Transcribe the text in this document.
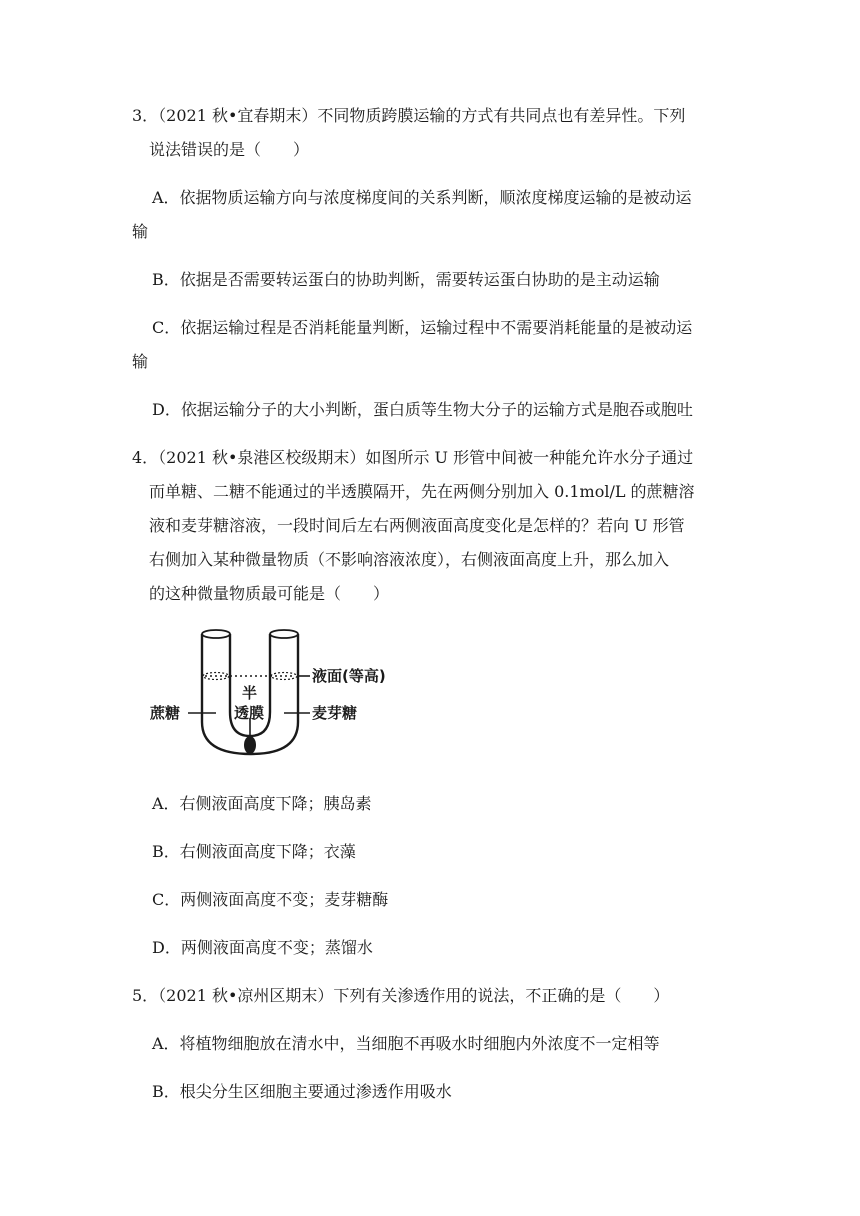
3．（2021 秋•宜春期末）不同物质跨膜运输的方式有共同点也有差异性。下列
说法错误的是（　　）
A．依据物质运输方向与浓度梯度间的关系判断，顺浓度梯度运输的是被动运
输
B．依据是否需要转运蛋白的协助判断，需要转运蛋白协助的是主动运输
C．依据运输过程是否消耗能量判断，运输过程中不需要消耗能量的是被动运
输
D．依据运输分子的大小判断，蛋白质等生物大分子的运输方式是胞吞或胞吐
4．（2021 秋•泉港区校级期末）如图所示 U 形管中间被一种能允许水分子通过
而单糖、二糖不能通过的半透膜隔开，先在两侧分别加入 0.1mol/L 的蔗糖溶
液和麦芽糖溶液，一段时间后左右两侧液面高度变化是怎样的？若向 U 形管
右侧加入某种微量物质（不影响溶液浓度），右侧液面高度上升，那么加入
的这种微量物质最可能是（　　）
液面(等高)
半
透膜
蔗糖	麦芽糖
A．右侧液面高度下降；胰岛素
B．右侧液面高度下降；衣藻
C．两侧液面高度不变；麦芽糖酶
D．两侧液面高度不变；蒸馏水
5．（2021 秋•凉州区期末）下列有关渗透作用的说法，不正确的是（　　）
A．将植物细胞放在清水中，当细胞不再吸水时细胞内外浓度不一定相等
B．根尖分生区细胞主要通过渗透作用吸水
